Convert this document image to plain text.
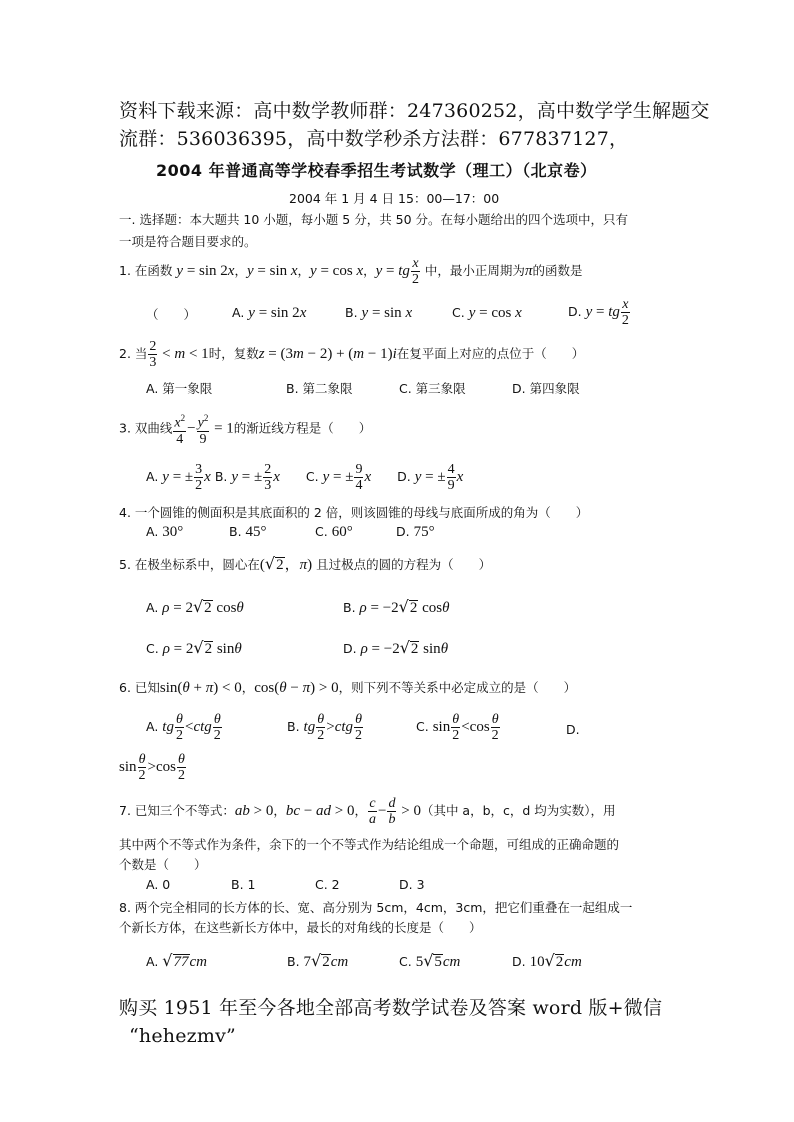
资料下载来源：高中数学教师群：247360252，高中数学学生解题交
流群：536036395，高中数学秒杀方法群：677837127，
2004 年普通高等学校春季招生考试数学（理工）（北京卷）
2004 年 1 月 4 日 15：00—17：00
一. 选择题：本大题共 10 小题，每小题 5 分，共 50 分。在每小题给出的四个选项中，只有
一项是符合题目要求的。
1. 在函数 y = sin 2x，y = sin x，y = cos x，y = tg $\frac{x}{2}$ 中，最小正周期为π的函数是
（　　）	A. y = sin 2x	B. y = sin x	C. y = cos x	D. y = tg $\frac{x}{2}$
2. 当 $\frac{2}{3} < m < 1$时，复数z = (3m − 2) + (m − 1)i在复平面上对应的点位于（　　）
A. 第一象限	B. 第二象限	C. 第三象限	D. 第四象限
3. 双曲线 $\frac{x^2}{4} - \frac{y^2}{9} = 1$的渐近线方程是（　　）
A. y = ± $\frac{3}{2}$ x B. y = ± $\frac{2}{3}$ x C. y = ± $\frac{9}{4}$ x D. y = ± $\frac{4}{9}$ x
4. 一个圆锥的侧面积是其底面积的 2 倍，则该圆锥的母线与底面所成的角为（　　）
A. 30°	B. 45°	C. 60°	D. 75°
5. 在极坐标系中，圆心在(√2，π) 且过极点的圆的方程为（　　）
A. ρ = 2√2 cosθ	B. ρ = −2√2 cosθ
C. ρ = 2√2 sinθ	D. ρ = −2√2 sinθ
6. 已知sin(θ + π) < 0，cos(θ − π) > 0，则下列不等关系中必定成立的是（　　）
A. tg $\frac{\theta}{2} <ctg \frac{\theta}{2}$	B. tg $\frac{\theta}{2} >ctg \frac{\theta}{2}$	C. $\sin \frac{\theta}{2} <\cos \frac{\theta}{2}$	D.
$\sin \frac{\theta}{2} >\cos \frac{\theta}{2}$
7. 已知三个不等式：ab > 0，bc − ad > 0， $\frac{c}{a} - \frac{d}{b} > 0$（其中 a，b，c，d 均为实数），用
其中两个不等式作为条件，余下的一个不等式作为结论组成一个命题，可组成的正确命题的
个数是（　　）
A. 0	B. 1	C. 2	D. 3
8. 两个完全相同的长方体的长、宽、高分别为 5cm，4cm，3cm，把它们重叠在一起组成一
个新长方体，在这些新长方体中，最长的对角线的长度是（　　）
A. √77cm	B. 7√2cm	C. 5√5cm	D. 10√2cm
购买 1951 年至今各地全部高考数学试卷及答案 word 版+微信
“hehezmv”
